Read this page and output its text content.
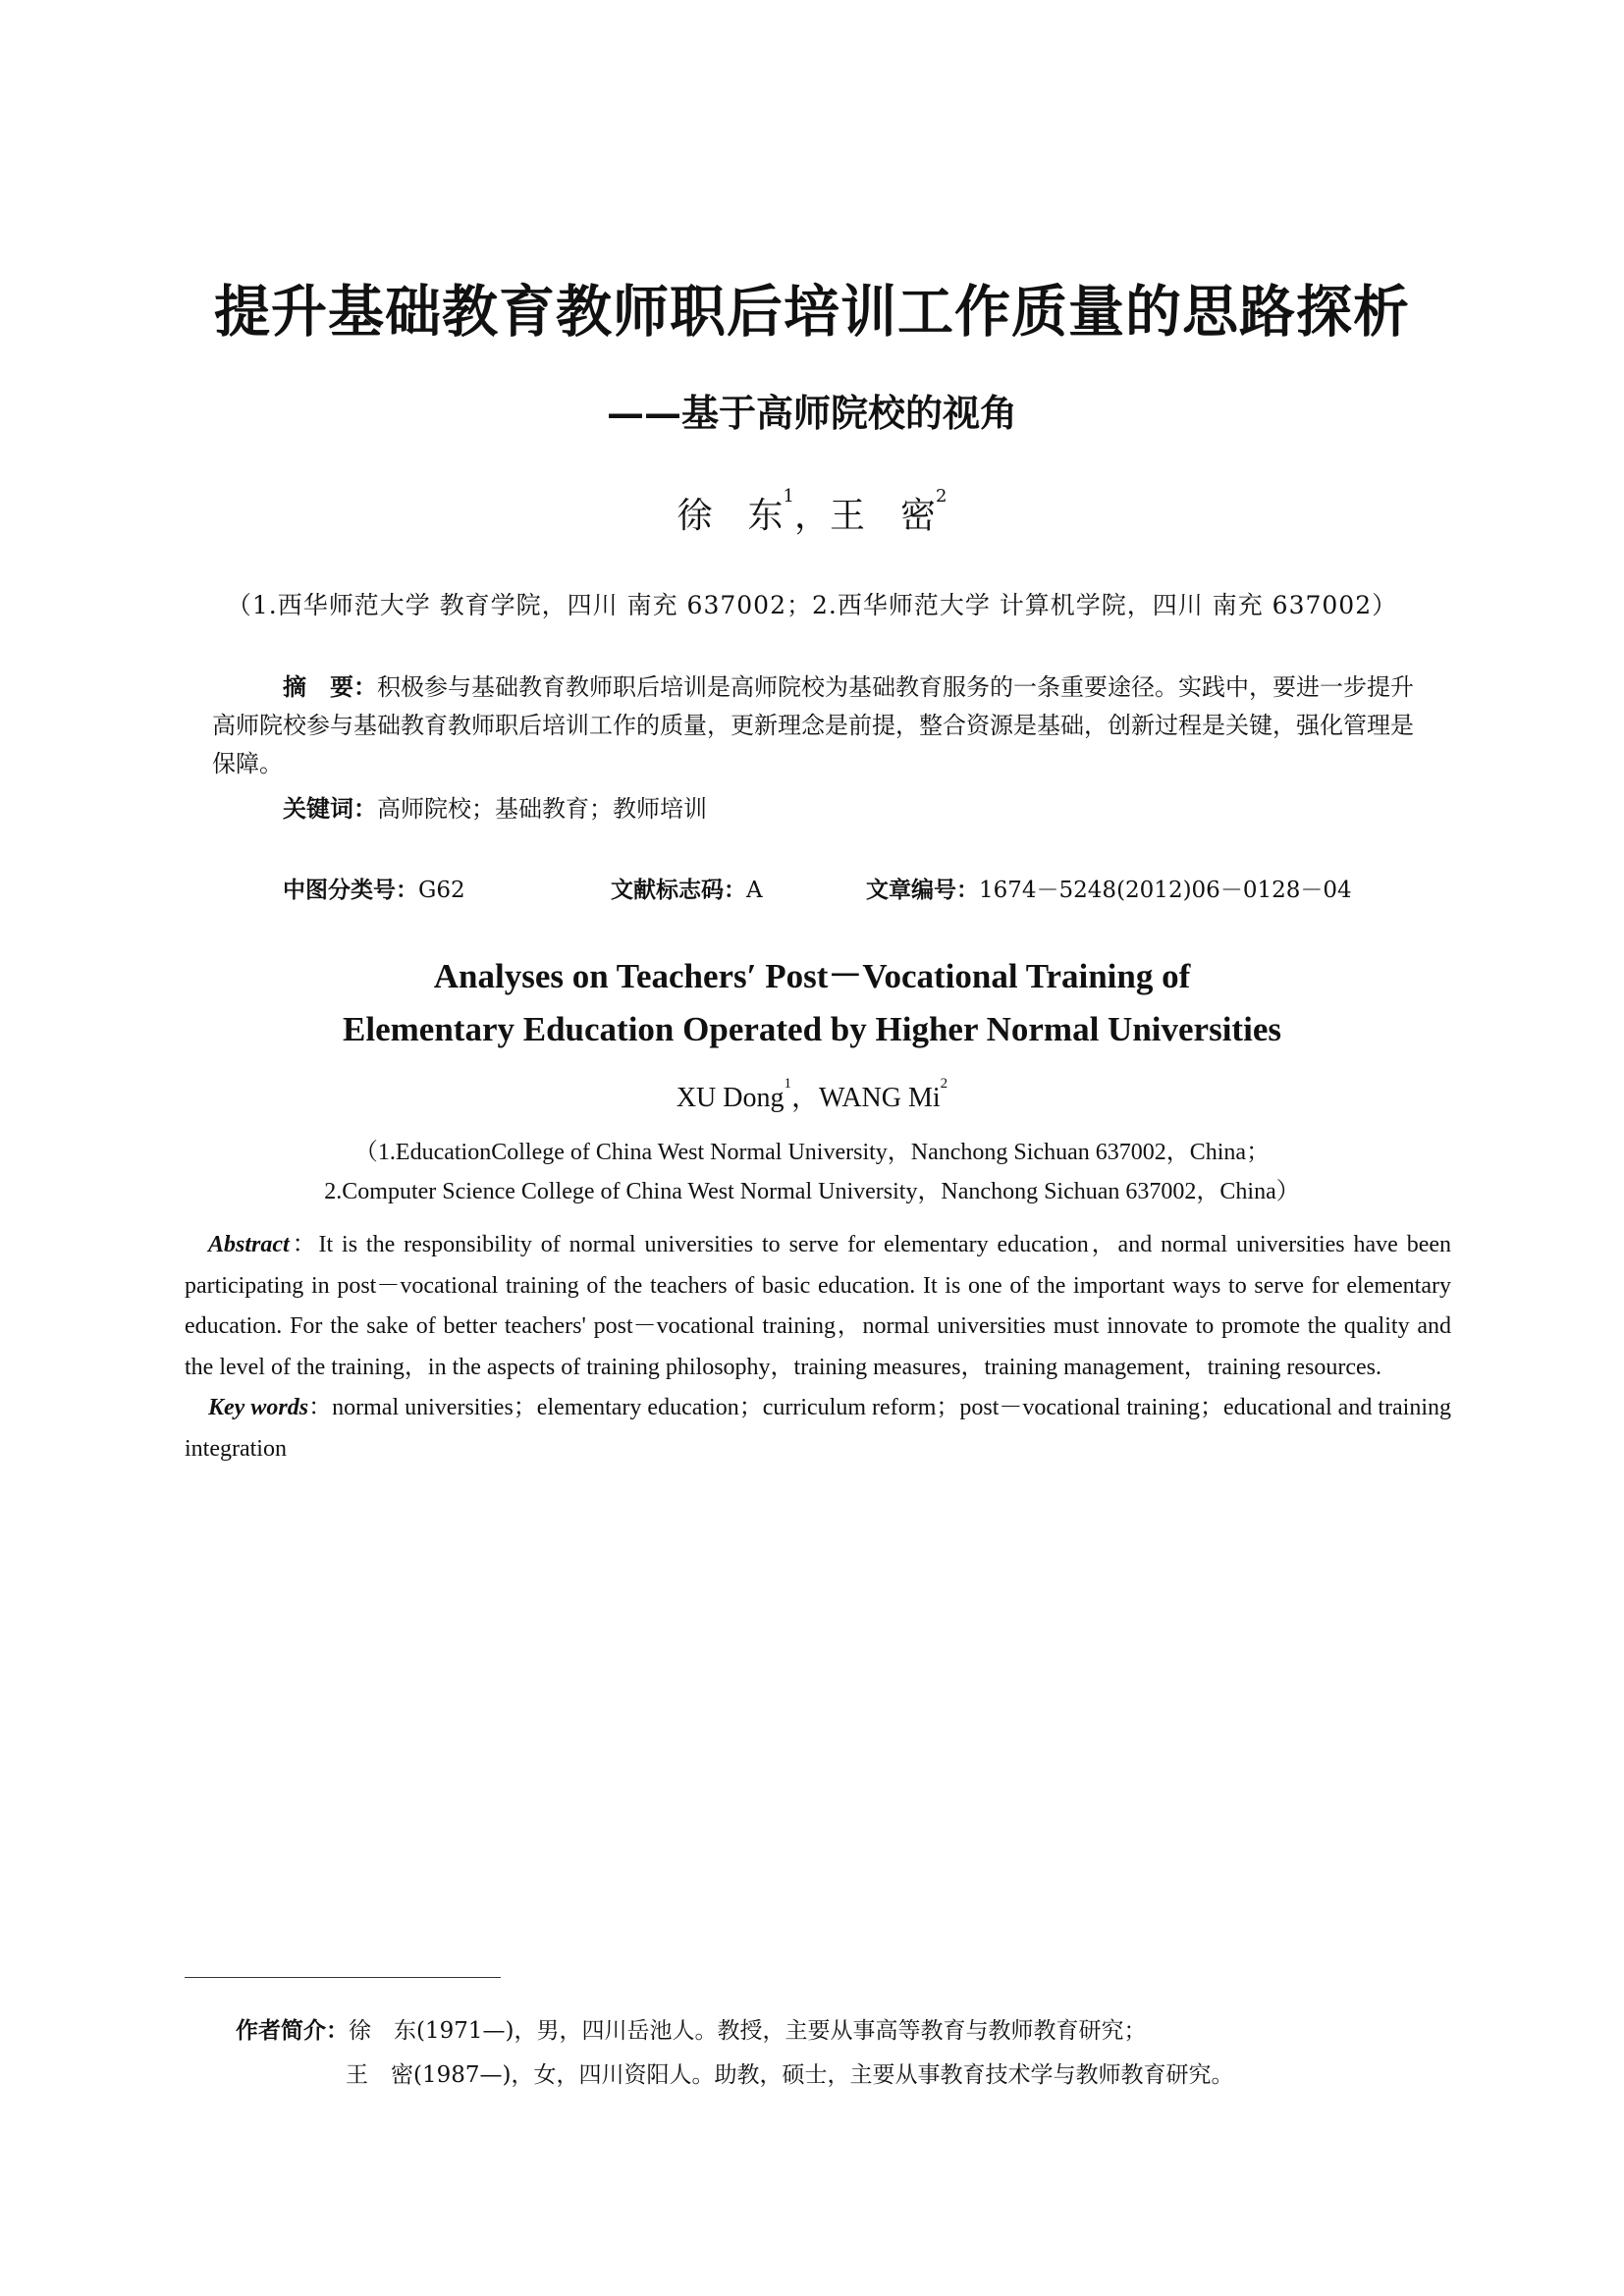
提升基础教育教师职后培训工作质量的思路探析
——基于高师院校的视角
徐　东$^1$，王　密$^2$
（1.西华师范大学 教育学院，四川 南充 637002；2.西华师范大学 计算机学院，四川 南充 637002）
摘　要：积极参与基础教育教师职后培训是高师院校为基础教育服务的一条重要途径。实践中，要进一步提升高师院校参与基础教育教师职后培训工作的质量，更新理念是前提，整合资源是基础，创新过程是关键，强化管理是保障。
关键词：高师院校；基础教育；教师培训
中图分类号：G62	文献标志码：A	文章编号：1674－5248(2012)06－0128－04
Analyses on Teachers′ Post－Vocational Training of
Elementary Education Operated by Higher Normal Universities
XU Dong$^1$，WANG Mi$^2$
（1.EducationCollege of China West Normal University，Nanchong Sichuan 637002，China；
2.Computer Science College of China West Normal University，Nanchong Sichuan 637002，China）

Abstract：It is the responsibility of normal universities to serve for elementary education，and normal universities have been participating in post－vocational training of the teachers of basic education. It is one of the important ways to serve for elementary education. For the sake of better teachers' post－vocational training，normal universities must innovate to promote the quality and the level of the training，in the aspects of training philosophy，training measures，training management，training resources.

Key words：normal universities；elementary education；curriculum reform；post－vocational training；educational and training integration

作者简介：徐　东(1971—)，男，四川岳池人。教授，主要从事高等教育与教师教育研究；
王　密(1987—)，女，四川资阳人。助教，硕士，主要从事教育技术学与教师教育研究。
